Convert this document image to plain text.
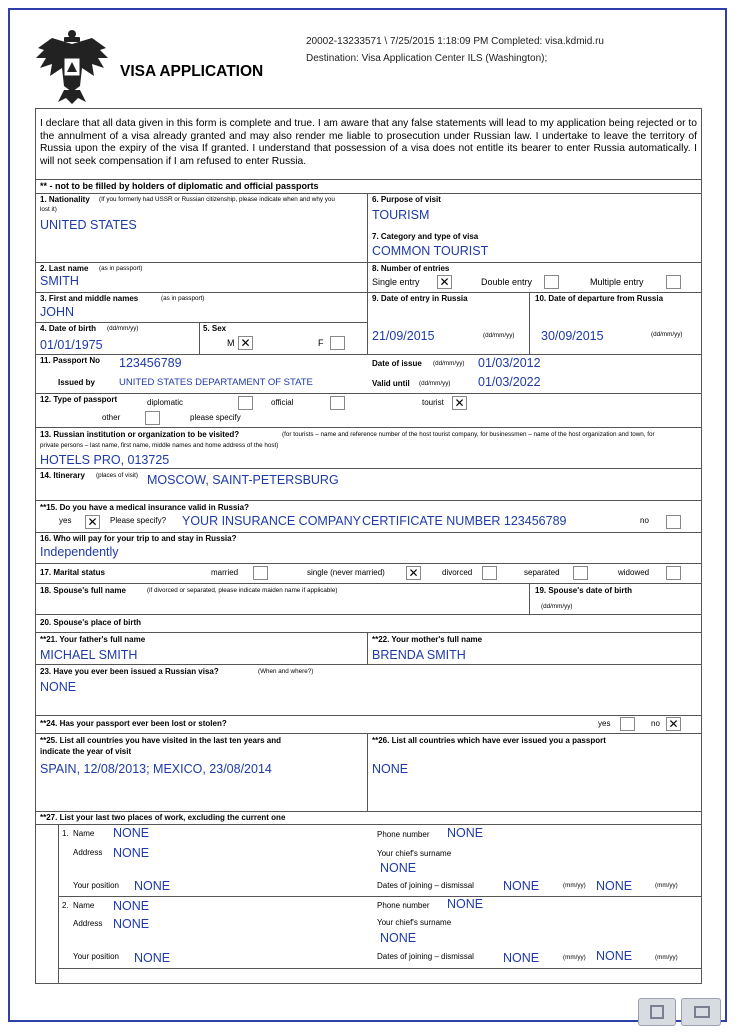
VISA APPLICATION
20002-13233571 \ 7/25/2015 1:18:09 PM Completed: visa.kdmid.ru
Destination: Visa Application Center ILS (Washington);
I declare that all data given in this form is complete and true. I am aware that any false statements will lead to my application being rejected or to the annulment of a visa already granted and may also render me liable to prosecution under Russian law. I undertake to leave the territory of Russia upon the expiry of the visa If granted. I understand that possession of a visa does not entitle its bearer to enter Russia automatically. I will not seek compensation if I am refused to enter Russia.
** - not to be filled by holders of diplomatic and official passports
1. Nationality (If you formerly had USSR or Russian citizenship, please indicate when and why you
lost it)
UNITED STATES
6. Purpose of visit
TOURISM
7. Category and type of visa
COMMON TOURIST
2. Last name (as in passport)
SMITH
8. Number of entries
Single entry ✕	Double entry	Multiple entry
3. First and middle names	(as in passport)
JOHN
9. Date of entry in Russia
21/09/2015	(dd/mm/yy)
10. Date of departure from Russia
30/09/2015	(dd/mm/yy)
4. Date of birth (dd/mm/yy)
01/01/1975
5. Sex
M ✕	F
11. Passport No 123456789
Issued by	UNITED STATES DEPARTAMENT OF STATE
Date of issue (dd/mm/yy) 01/03/2012
Valid until (dd/mm/yy) 01/03/2022
12. Type of passport	diplomatic	official	tourist ✕
other	please specify
13. Russian institution or organization to be visited?	(for tourists – name and reference number of the host tourist company, for businessmen – name of the host organization and town, for
private persons – last name, first name, middle names and home address of the host)
HOTELS PRO, 013725
14. Itinerary (places of visit) MOSCOW, SAINT-PETERSBURG
**15. Do you have a medical insurance valid in Russia?
yes ✕	Please specify? YOUR INSURANCE COMPANY CERTIFICATE NUMBER 123456789	no
16. Who will pay for your trip to and stay in Russia?
Independently
17. Marital status	married	single (never married) ✕	divorced	separated	widowed
18. Spouse's full name	(if divorced or separated, please indicate maiden name if applicable)	19. Spouse's date of birth
(dd/mm/yy)
20. Spouse's place of birth
**21. Your father's full name
MICHAEL SMITH
**22. Your mother's full name
BRENDA SMITH
23. Have you ever been issued a Russian visa?	(When and where?)
NONE
**24. Has your passport ever been lost or stolen?	yes	no ✕
**25. List all countries you have visited in the last ten years and
indicate the year of visit
SPAIN, 12/08/2013; MEXICO, 23/08/2014
**26. List all countries which have ever issued you a passport
NONE
**27. List your last two places of work, excluding the current one
1. Name NONE
Address NONE
Your position NONE
Phone number NONE
Your chief's surname
NONE
Dates of joining – dismissal NONE	(mm/yy) NONE	(mm/yy)
2. Name NONE
Address NONE
Your position NONE
Phone number NONE
Your chief's surname
NONE
Dates of joining – dismissal NONE	(mm/yy) NONE	(mm/yy)
